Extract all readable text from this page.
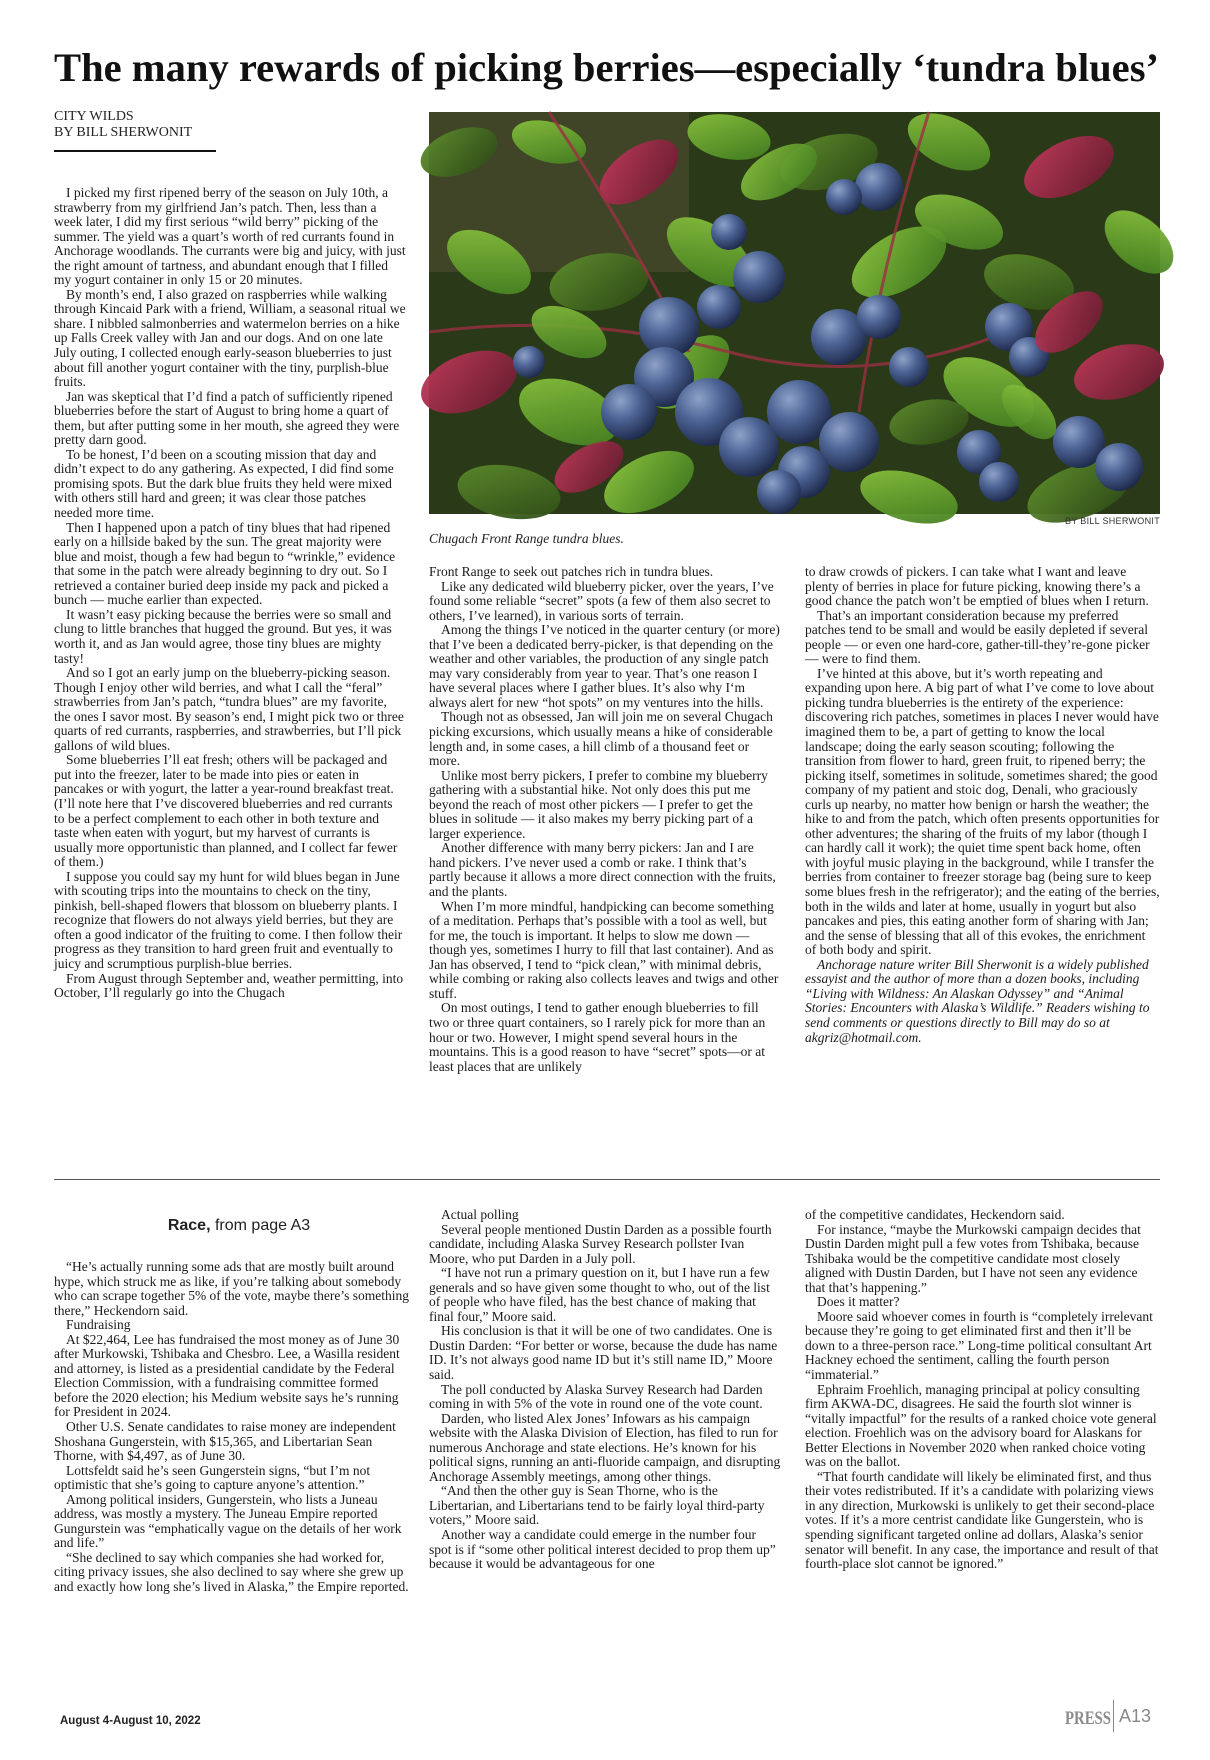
The many rewards of picking berries—especially ‘tundra blues’
CITY WILDS
BY BILL SHERWONIT

I picked my first ripened berry of the season on July 10th, a strawberry from my girlfriend Jan’s patch. Then, less than a week later, I did my first serious “wild berry” picking of the summer. The yield was a quart’s worth of red currants found in Anchorage woodlands. The currants were big and juicy, with just the right amount of tartness, and abundant enough that I filled my yogurt container in only 15 or 20 minutes.

By month’s end, I also grazed on raspberries while walking through Kincaid Park with a friend, William, a seasonal ritual we share. I nibbled salmonberries and watermelon berries on a hike up Falls Creek valley with Jan and our dogs. And on one late July outing, I collected enough early-season blueberries to just about fill another yogurt container with the tiny, purplish-blue fruits.

Jan was skeptical that I’d find a patch of sufficiently ripened blueberries before the start of August to bring home a quart of them, but after putting some in her mouth, she agreed they were pretty darn good.

To be honest, I’d been on a scouting mission that day and didn’t expect to do any gathering. As expected, I did find some promising spots. But the dark blue fruits they held were mixed with others still hard and green; it was clear those patches needed more time.

Then I happened upon a patch of tiny blues that had ripened early on a hillside baked by the sun. The great majority were blue and moist, though a few had begun to “wrinkle,” evidence that some in the patch were already beginning to dry out. So I retrieved a container buried deep inside my pack and picked a bunch — muche earlier than expected.

It wasn’t easy picking because the berries were so small and clung to little branches that hugged the ground. But yes, it was worth it, and as Jan would agree, those tiny blues are mighty tasty!

And so I got an early jump on the blueberry-picking season. Though I enjoy other wild berries, and what I call the “feral” strawberries from Jan’s patch, “tundra blues” are my favorite, the ones I savor most. By season’s end, I might pick two or three quarts of red currants, raspberries, and strawberries, but I’ll pick gallons of wild blues.

Some blueberries I’ll eat fresh; others will be packaged and put into the freezer, later to be made into pies or eaten in pancakes or with yogurt, the latter a year-round breakfast treat. (I’ll note here that I’ve discovered blueberries and red currants to be a perfect complement to each other in both texture and taste when eaten with yogurt, but my harvest of currants is usually more opportunistic than planned, and I collect far fewer of them.)

I suppose you could say my hunt for wild blues began in June with scouting trips into the mountains to check on the tiny, pinkish, bell-shaped flowers that blossom on blueberry plants. I recognize that flowers do not always yield berries, but they are often a good indicator of the fruiting to come. I then follow their progress as they transition to hard green fruit and eventually to juicy and scrumptious purplish-blue berries.

From August through September and, weather permitting, into October, I’ll regularly go into the Chugach

BY BILL SHERWONIT
Chugach Front Range tundra blues.

Front Range to seek out patches rich in tundra blues.

Like any dedicated wild blueberry picker, over the years, I’ve found some reliable “secret” spots (a few of them also secret to others, I’ve learned), in various sorts of terrain.

Among the things I’ve noticed in the quarter century (or more) that I’ve been a dedicated berry-picker, is that depending on the weather and other variables, the production of any single patch may vary considerably from year to year. That’s one reason I have several places where I gather blues. It’s also why I‘m always alert for new “hot spots” on my ventures into the hills.

Though not as obsessed, Jan will join me on several Chugach picking excursions, which usually means a hike of considerable length and, in some cases, a hill climb of a thousand feet or more.

Unlike most berry pickers, I prefer to combine my blueberry gathering with a substantial hike. Not only does this put me beyond the reach of most other pickers — I prefer to get the blues in solitude — it also makes my berry picking part of a larger experience.

Another difference with many berry pickers: Jan and I are hand pickers. I’ve never used a comb or rake. I think that’s partly because it allows a more direct connection with the fruits, and the plants.

When I’m more mindful, handpicking can become something of a meditation. Perhaps that’s possible with a tool as well, but for me, the touch is important. It helps to slow me down — though yes, sometimes I hurry to fill that last container). And as Jan has observed, I tend to “pick clean,” with minimal debris, while combing or raking also collects leaves and twigs and other stuff.

On most outings, I tend to gather enough blueberries to fill two or three quart containers, so I rarely pick for more than an hour or two. However, I might spend several hours in the mountains. This is a good reason to have “secret” spots—or at least places that are unlikely

to draw crowds of pickers. I can take what I want and leave plenty of berries in place for future picking, knowing there’s a good chance the patch won’t be emptied of blues when I return.

That’s an important consideration because my preferred patches tend to be small and would be easily depleted if several people — or even one hard-core, gather-till-they’re-gone picker — were to find them.

I’ve hinted at this above, but it’s worth repeating and expanding upon here. A big part of what I’ve come to love about picking tundra blueberries is the entirety of the experience: discovering rich patches, sometimes in places I never would have imagined them to be, a part of getting to know the local landscape; doing the early season scouting; following the transition from flower to hard, green fruit, to ripened berry; the picking itself, sometimes in solitude, sometimes shared; the good company of my patient and stoic dog, Denali, who graciously curls up nearby, no matter how benign or harsh the weather; the hike to and from the patch, which often presents opportunities for other adventures; the sharing of the fruits of my labor (though I can hardly call it work); the quiet time spent back home, often with joyful music playing in the background, while I transfer the berries from container to freezer storage bag (being sure to keep some blues fresh in the refrigerator); and the eating of the berries, both in the wilds and later at home, usually in yogurt but also pancakes and pies, this eating another form of sharing with Jan; and the sense of blessing that all of this evokes, the enrichment of both body and spirit.

Anchorage nature writer Bill Sherwonit is a widely published essayist and the author of more than a dozen books, including “Living with Wildness: An Alaskan Odyssey” and “Animal Stories: Encounters with Alaska’s Wildlife.” Readers wishing to send comments or questions directly to Bill may do so at akgriz@hotmail.com.

Race, from page A3

“He’s actually running some ads that are mostly built around hype, which struck me as like, if you’re talking about somebody who can scrape together 5% of the vote, maybe there’s something there,” Heckendorn said.

Fundraising

At $22,464, Lee has fundraised the most money as of June 30 after Murkowski, Tshibaka and Chesbro. Lee, a Wasilla resident and attorney, is listed as a presidential candidate by the Federal Election Commission, with a fundraising committee formed before the 2020 election; his Medium website says he’s running for President in 2024.

Other U.S. Senate candidates to raise money are independent Shoshana Gungerstein, with $15,365, and Libertarian Sean Thorne, with $4,497, as of June 30.

Lottsfeldt said he’s seen Gungerstein signs, “but I’m not optimistic that she’s going to capture anyone’s attention.”

Among political insiders, Gungerstein, who lists a Juneau address, was mostly a mystery. The Juneau Empire reported Gungurstein was “emphatically vague on the details of her work and life.”

“She declined to say which companies she had worked for, citing privacy issues, she also declined to say where she grew up and exactly how long she’s lived in Alaska,” the Empire reported.

Actual polling

Several people mentioned Dustin Darden as a possible fourth candidate, including Alaska Survey Research pollster Ivan Moore, who put Darden in a July poll.

“I have not run a primary question on it, but I have run a few generals and so have given some thought to who, out of the list of people who have filed, has the best chance of making that final four,” Moore said.

His conclusion is that it will be one of two candidates. One is Dustin Darden: “For better or worse, because the dude has name ID. It’s not always good name ID but it’s still name ID,” Moore said.

The poll conducted by Alaska Survey Research had Darden coming in with 5% of the vote in round one of the vote count.

Darden, who listed Alex Jones’ Infowars as his campaign website with the Alaska Division of Election, has filed to run for numerous Anchorage and state elections. He’s known for his political signs, running an anti-fluoride campaign, and disrupting Anchorage Assembly meetings, among other things.

“And then the other guy is Sean Thorne, who is the Libertarian, and Libertarians tend to be fairly loyal third-party voters,” Moore said.

Another way a candidate could emerge in the number four spot is if “some other political interest decided to prop them up” because it would be advantageous for one

of the competitive candidates, Heckendorn said.

For instance, “maybe the Murkowski campaign decides that Dustin Darden might pull a few votes from Tshibaka, because Tshibaka would be the competitive candidate most closely aligned with Dustin Darden, but I have not seen any evidence that that’s happening.”

Does it matter?

Moore said whoever comes in fourth is “completely irrelevant because they’re going to get eliminated first and then it’ll be down to a three-person race.” Long-time political consultant Art Hackney echoed the sentiment, calling the fourth person “immaterial.”

Ephraim Froehlich, managing principal at policy consulting firm AKWA-DC, disagrees. He said the fourth slot winner is “vitally impactful” for the results of a ranked choice vote general election. Froehlich was on the advisory board for Alaskans for Better Elections in November 2020 when ranked choice voting was on the ballot.

“That fourth candidate will likely be eliminated first, and thus their votes redistributed. If it’s a candidate with polarizing views in any direction, Murkowski is unlikely to get their second-place votes. If it’s a more centrist candidate like Gungerstein, who is spending significant targeted online ad dollars, Alaska’s senior senator will benefit. In any case, the importance and result of that fourth-place slot cannot be ignored.”

August 4-August 10, 2022	PRESS A13
